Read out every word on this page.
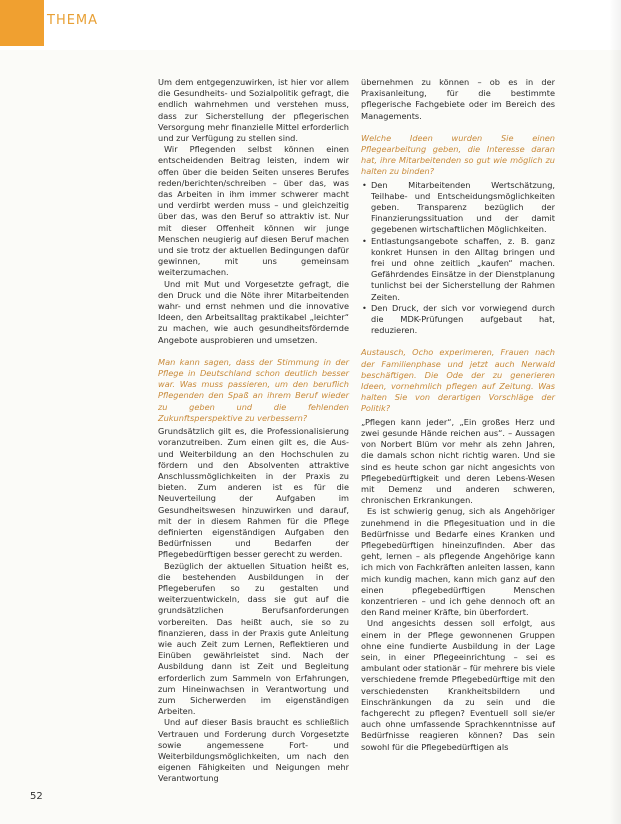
THEMA

Um dem entgegenzuwirken, ist hier vor allem die Gesundheits- und Sozialpolitik gefragt, die endlich wahrnehmen und verstehen muss, dass zur Sicherstellung der pflegerischen Versorgung mehr finanzielle Mittel erforderlich und zur Verfügung zu stellen sind.

Wir Pflegenden selbst können einen entscheidenden Beitrag leisten, indem wir offen über die beiden Seiten unseres Berufes reden/berichten/schreiben – über das, was das Arbeiten in ihm immer schwerer macht und verdirbt werden muss – und gleichzeitig über das, was den Beruf so attraktiv ist. Nur mit dieser Offenheit können wir junge Menschen neugierig auf diesen Beruf machen und sie trotz der aktuellen Bedingungen dafür gewinnen, mit uns gemeinsam weiterzumachen.

Und mit Mut und Vorgesetzte gefragt, die den Druck und die Nöte ihrer Mitarbeitenden wahr- und ernst nehmen und die innovative Ideen, den Arbeitsalltag praktikabel „leichter“ zu machen, wie auch gesundheitsfördernde Angebote ausprobieren und umsetzen.

Man kann sagen, dass der Stimmung in der Pflege in Deutschland schon deutlich besser war. Was muss passieren, um den beruflich Pflegenden den Spaß an ihrem Beruf wieder zu geben und die fehlenden Zukunftsperspektive zu verbessern?

Grundsätzlich gilt es, die Professionalisierung voranzutreiben. Zum einen gilt es, die Aus- und Weiterbildung an den Hochschulen zu fördern und den Absolventen attraktive Anschlussmöglichkeiten in der Praxis zu bieten. Zum anderen ist es für die Neuverteilung der Aufgaben im Gesundheitswesen hinzuwirken und darauf, mit der in diesem Rahmen für die Pflege definierten eigenständigen Aufgaben den Bedürfnissen und Bedarfen der Pflegebedürftigen besser gerecht zu werden.

Bezüglich der aktuellen Situation heißt es, die bestehenden Ausbildungen in der Pflegeberufen so zu gestalten und weiterzuentwickeln, dass sie gut auf die grundsätzlichen Berufsanforderungen vorbereiten. Das heißt auch, sie so zu finanzieren, dass in der Praxis gute Anleitung wie auch Zeit zum Lernen, Reflektieren und Einüben gewährleistet sind. Nach der Ausbildung dann ist Zeit und Begleitung erforderlich zum Sammeln von Erfahrungen, zum Hineinwachsen in Verantwortung und zum Sicherwerden im eigenständigen Arbeiten.

Und auf dieser Basis braucht es schließlich Vertrauen und Forderung durch Vorgesetzte sowie angemessene Fort- und Weiterbildungsmöglichkeiten, um nach den eigenen Fähigkeiten und Neigungen mehr Verantwortung

übernehmen zu können – ob es in der Praxisanleitung, für die bestimmte pflegerische Fachgebiete oder im Bereich des Managements.

Welche Ideen wurden Sie einen Pflegearbeitung geben, die Interesse daran hat, ihre Mitarbeitenden so gut wie möglich zu halten zu binden?

• Den Mitarbeitenden Wertschätzung, Teilhabe- und Entscheidungsmöglichkeiten geben. Transparenz bezüglich der Finanzierungssituation und der damit gegebenen wirtschaftlichen Möglichkeiten.
• Entlastungsangebote schaffen, z. B. ganz konkret Hunsen in den Alltag bringen und frei und ohne zeitlich „kaufen“ machen. Gefährdendes Einsätze in der Dienstplanung tunlichst bei der Sicherstellung der Rahmen Zeiten.
• Den Druck, der sich vor vorwiegend durch die MDK-Prüfungen aufgebaut hat, reduzieren.

Austausch, Ocho experimeren, Frauen nach der Familienphase und jetzt auch Nerwald beschäftigen. Die Ode der zu generieren Ideen, vornehmlich pflegen auf Zeitung. Was halten Sie von derartigen Vorschläge der Politik?

„Pflegen kann jeder“, „Ein großes Herz und zwei gesunde Hände reichen aus“. – Aussagen von Norbert Blüm vor mehr als zehn Jahren, die damals schon nicht richtig waren. Und sie sind es heute schon gar nicht angesichts von Pflegebedürftigkeit und deren Lebens-Wesen mit Demenz und anderen schweren, chronischen Erkrankungen.

Es ist schwierig genug, sich als Angehöriger zunehmend in die Pflegesituation und in die Bedürfnisse und Bedarfe eines Kranken und Pflegebedürftigen hineinzufinden. Aber das geht, lernen – als pflegende Angehörige kann ich mich von Fachkräften anleiten lassen, kann mich kundig machen, kann mich ganz auf den einen pflegebedürftigen Menschen konzentrieren – und ich gehe dennoch oft an den Rand meiner Kräfte, bin überfordert.

Und angesichts dessen soll erfolgt, aus einem in der Pflege gewonnenen Gruppen ohne eine fundierte Ausbildung in der Lage sein, in einer Pflegeeinrichtung – sei es ambulant oder stationär – für mehrere bis viele verschiedene fremde Pflegebedürftige mit den verschiedensten Krankheitsbildern und Einschränkungen da zu sein und die fachgerecht zu pflegen? Eventuell soll sie/er auch ohne umfassende Sprachkenntnisse auf Bedürfnisse reagieren können? Das sein sowohl für die Pflegebedürftigen als

52
